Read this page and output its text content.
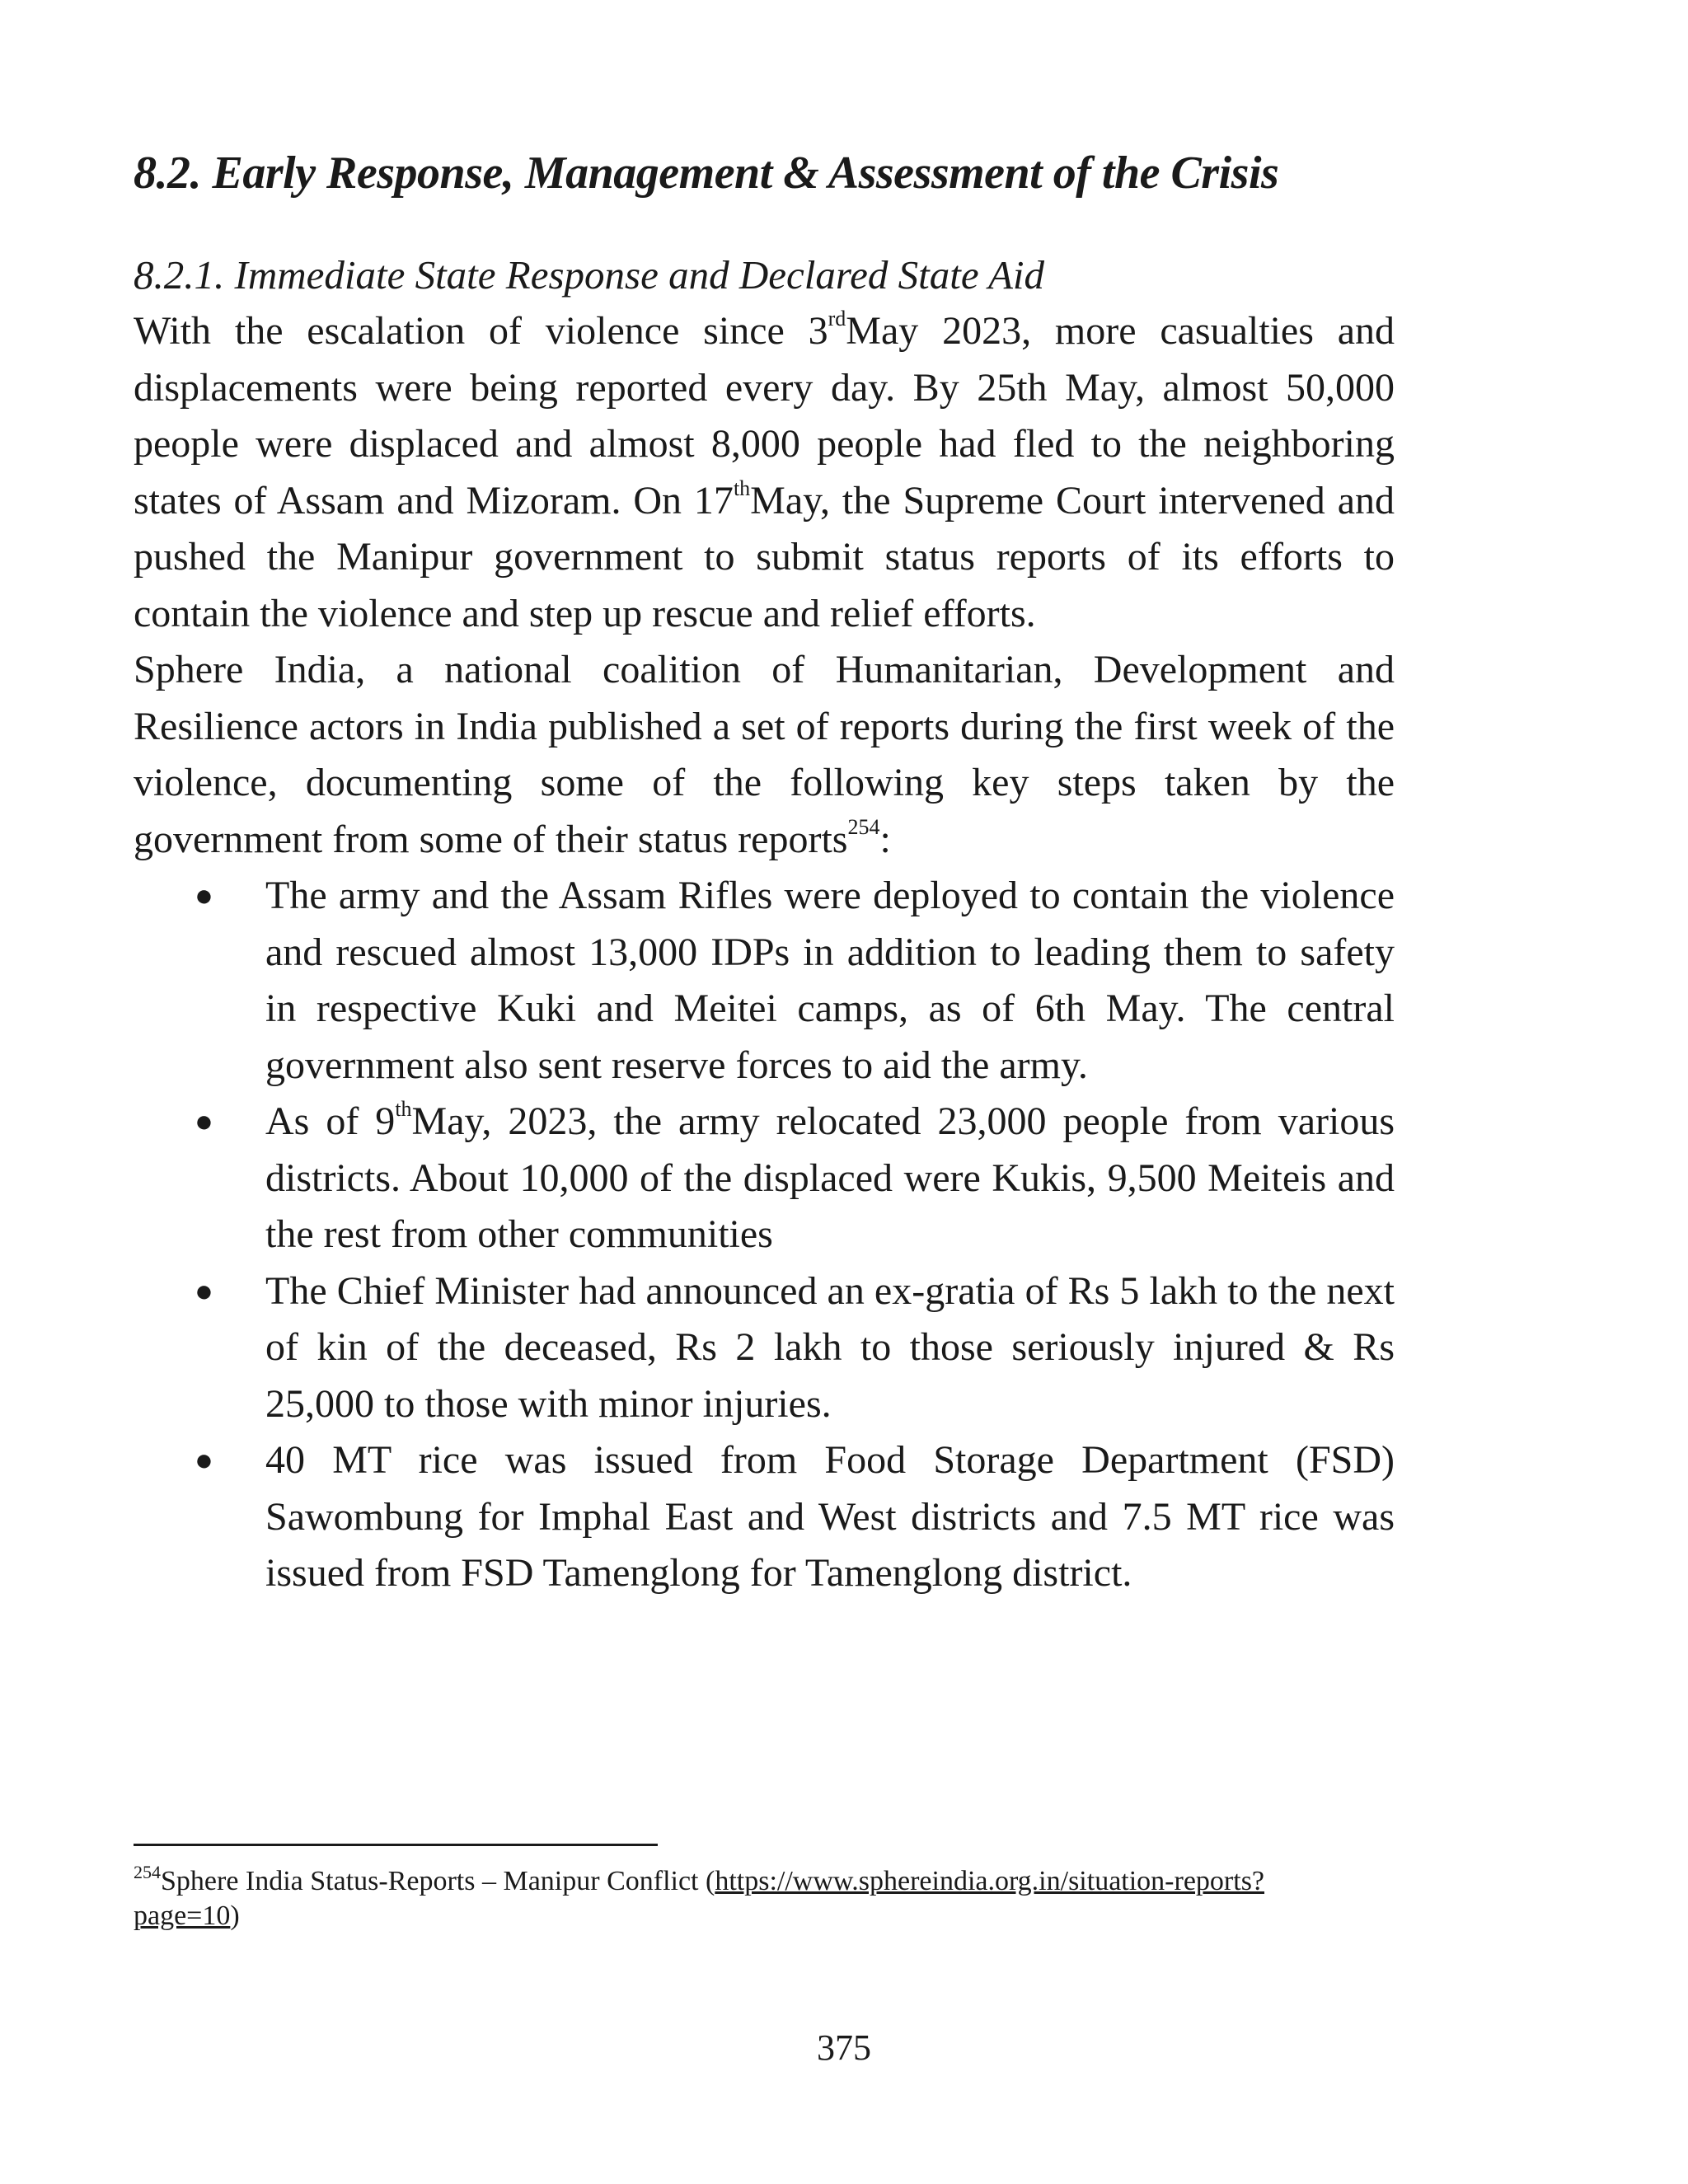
8.2. Early Response, Management & Assessment of the Crisis
8.2.1. Immediate State Response and Declared State Aid

With the escalation of violence since 3rdMay 2023, more casualties and displacements were being reported every day. By 25th May, almost 50,000 people were displaced and almost 8,000 people had fled to the neighboring states of Assam and Mizoram. On 17thMay, the Supreme Court intervened and pushed the Manipur government to submit status reports of its efforts to contain the violence and step up rescue and relief efforts.

Sphere India, a national coalition of Humanitarian, Development and Resilience actors in India published a set of reports during the first week of the violence, documenting some of the following key steps taken by the government from some of their status reports$^{254}$:

● The army and the Assam Rifles were deployed to contain the violence and rescued almost 13,000 IDPs in addition to leading them to safety in respective Kuki and Meitei camps, as of 6th May. The central government also sent reserve forces to aid the army.
● As of 9thMay, 2023, the army relocated 23,000 people from various districts. About 10,000 of the displaced were Kukis, 9,500 Meiteis and the rest from other communities
● The Chief Minister had announced an ex-gratia of Rs 5 lakh to the next of kin of the deceased, Rs 2 lakh to those seriously injured & Rs 25,000 to those with minor injuries.
● 40 MT rice was issued from Food Storage Department (FSD) Sawombung for Imphal East and West districts and 7.5 MT rice was issued from FSD Tamenglong for Tamenglong district.
$^{254}$Sphere India Status-Reports – Manipur Conflict (https://www.sphereindia.org.in/situation-reports?page=10)
375
